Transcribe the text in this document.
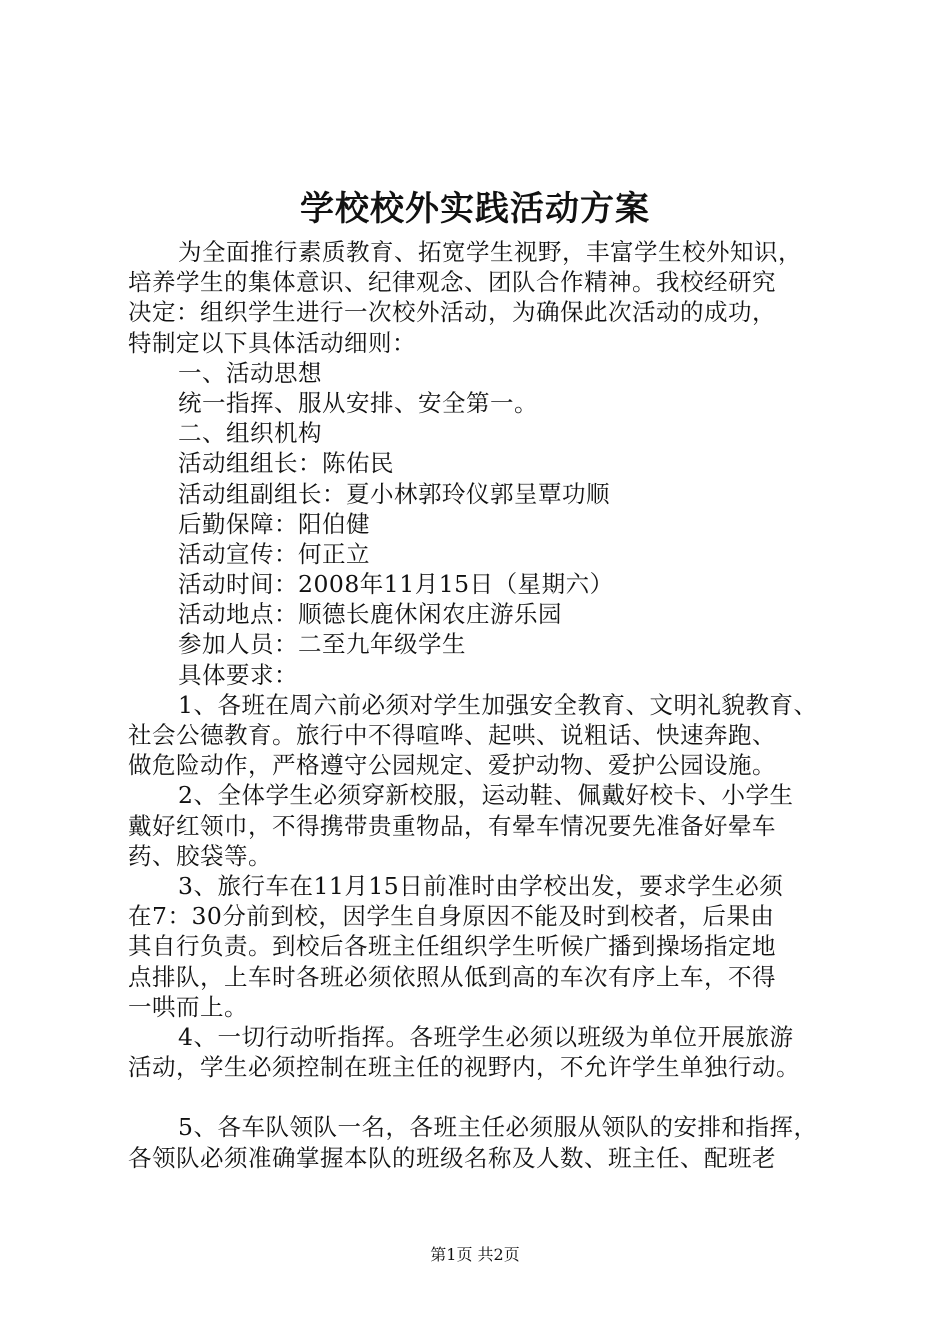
学校校外实践活动方案
为全面推行素质教育、拓宽学生视野，丰富学生校外知识，
培养学生的集体意识、纪律观念、团队合作精神。我校经研究
决定：组织学生进行一次校外活动，为确保此次活动的成功，
特制定以下具体活动细则：
一、活动思想
统一指挥、服从安排、安全第一。
二、组织机构
活动组组长：陈佑民
活动组副组长：夏小林郭玲仪郭呈覃功顺
后勤保障：阳伯健
活动宣传：何正立
活动时间：2008年11月15日（星期六）
活动地点：顺德长鹿休闲农庄游乐园
参加人员：二至九年级学生
具体要求：
1、各班在周六前必须对学生加强安全教育、文明礼貌教育、
社会公德教育。旅行中不得喧哗、起哄、说粗话、快速奔跑、
做危险动作，严格遵守公园规定、爱护动物、爱护公园设施。
2、全体学生必须穿新校服，运动鞋、佩戴好校卡、小学生
戴好红领巾，不得携带贵重物品，有晕车情况要先准备好晕车
药、胶袋等。
3、旅行车在11月15日前准时由学校出发，要求学生必须
在7：30分前到校，因学生自身原因不能及时到校者，后果由
其自行负责。到校后各班主任组织学生听候广播到操场指定地
点排队，上车时各班必须依照从低到高的车次有序上车，不得
一哄而上。
4、一切行动听指挥。各班学生必须以班级为单位开展旅游
活动，学生必须控制在班主任的视野内，不允许学生单独行动。
5、各车队领队一名，各班主任必须服从领队的安排和指挥，
各领队必须准确掌握本队的班级名称及人数、班主任、配班老
第1页 共2页
